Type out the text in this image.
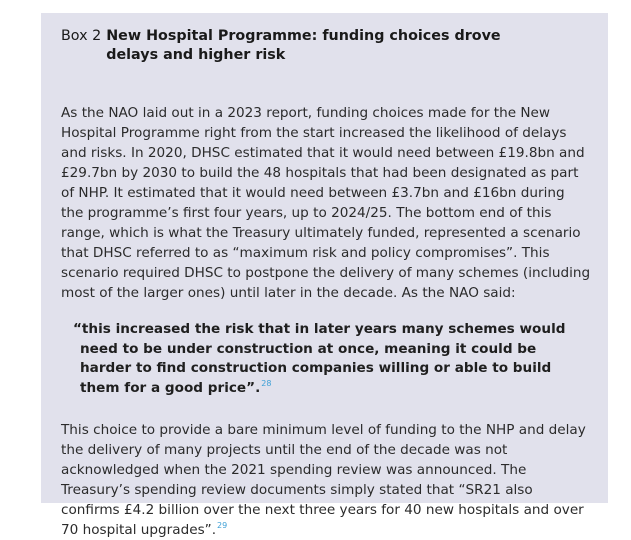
Box 2 New Hospital Programme: funding choices drove delays and higher risk

As the NAO laid out in a 2023 report, funding choices made for the New Hospital Programme right from the start increased the likelihood of delays and risks. In 2020, DHSC estimated that it would need between £19.8bn and £29.7bn by 2030 to build the 48 hospitals that had been designated as part of NHP. It estimated that it would need between £3.7bn and £16bn during the programme’s first four years, up to 2024/25. The bottom end of this range, which is what the Treasury ultimately funded, represented a scenario that DHSC referred to as “maximum risk and policy compromises”. This scenario required DHSC to postpone the delivery of many schemes (including most of the larger ones) until later in the decade. As the NAO said:

“this increased the risk that in later years many schemes would need to be under construction at once, meaning it could be harder to find construction companies willing or able to build them for a good price”.$^{28}$

This choice to provide a bare minimum level of funding to the NHP and delay the delivery of many projects until the end of the decade was not acknowledged when the 2021 spending review was announced. The Treasury’s spending review documents simply stated that “SR21 also confirms £4.2 billion over the next three years for 40 new hospitals and over 70 hospital upgrades”.$^{29}$
